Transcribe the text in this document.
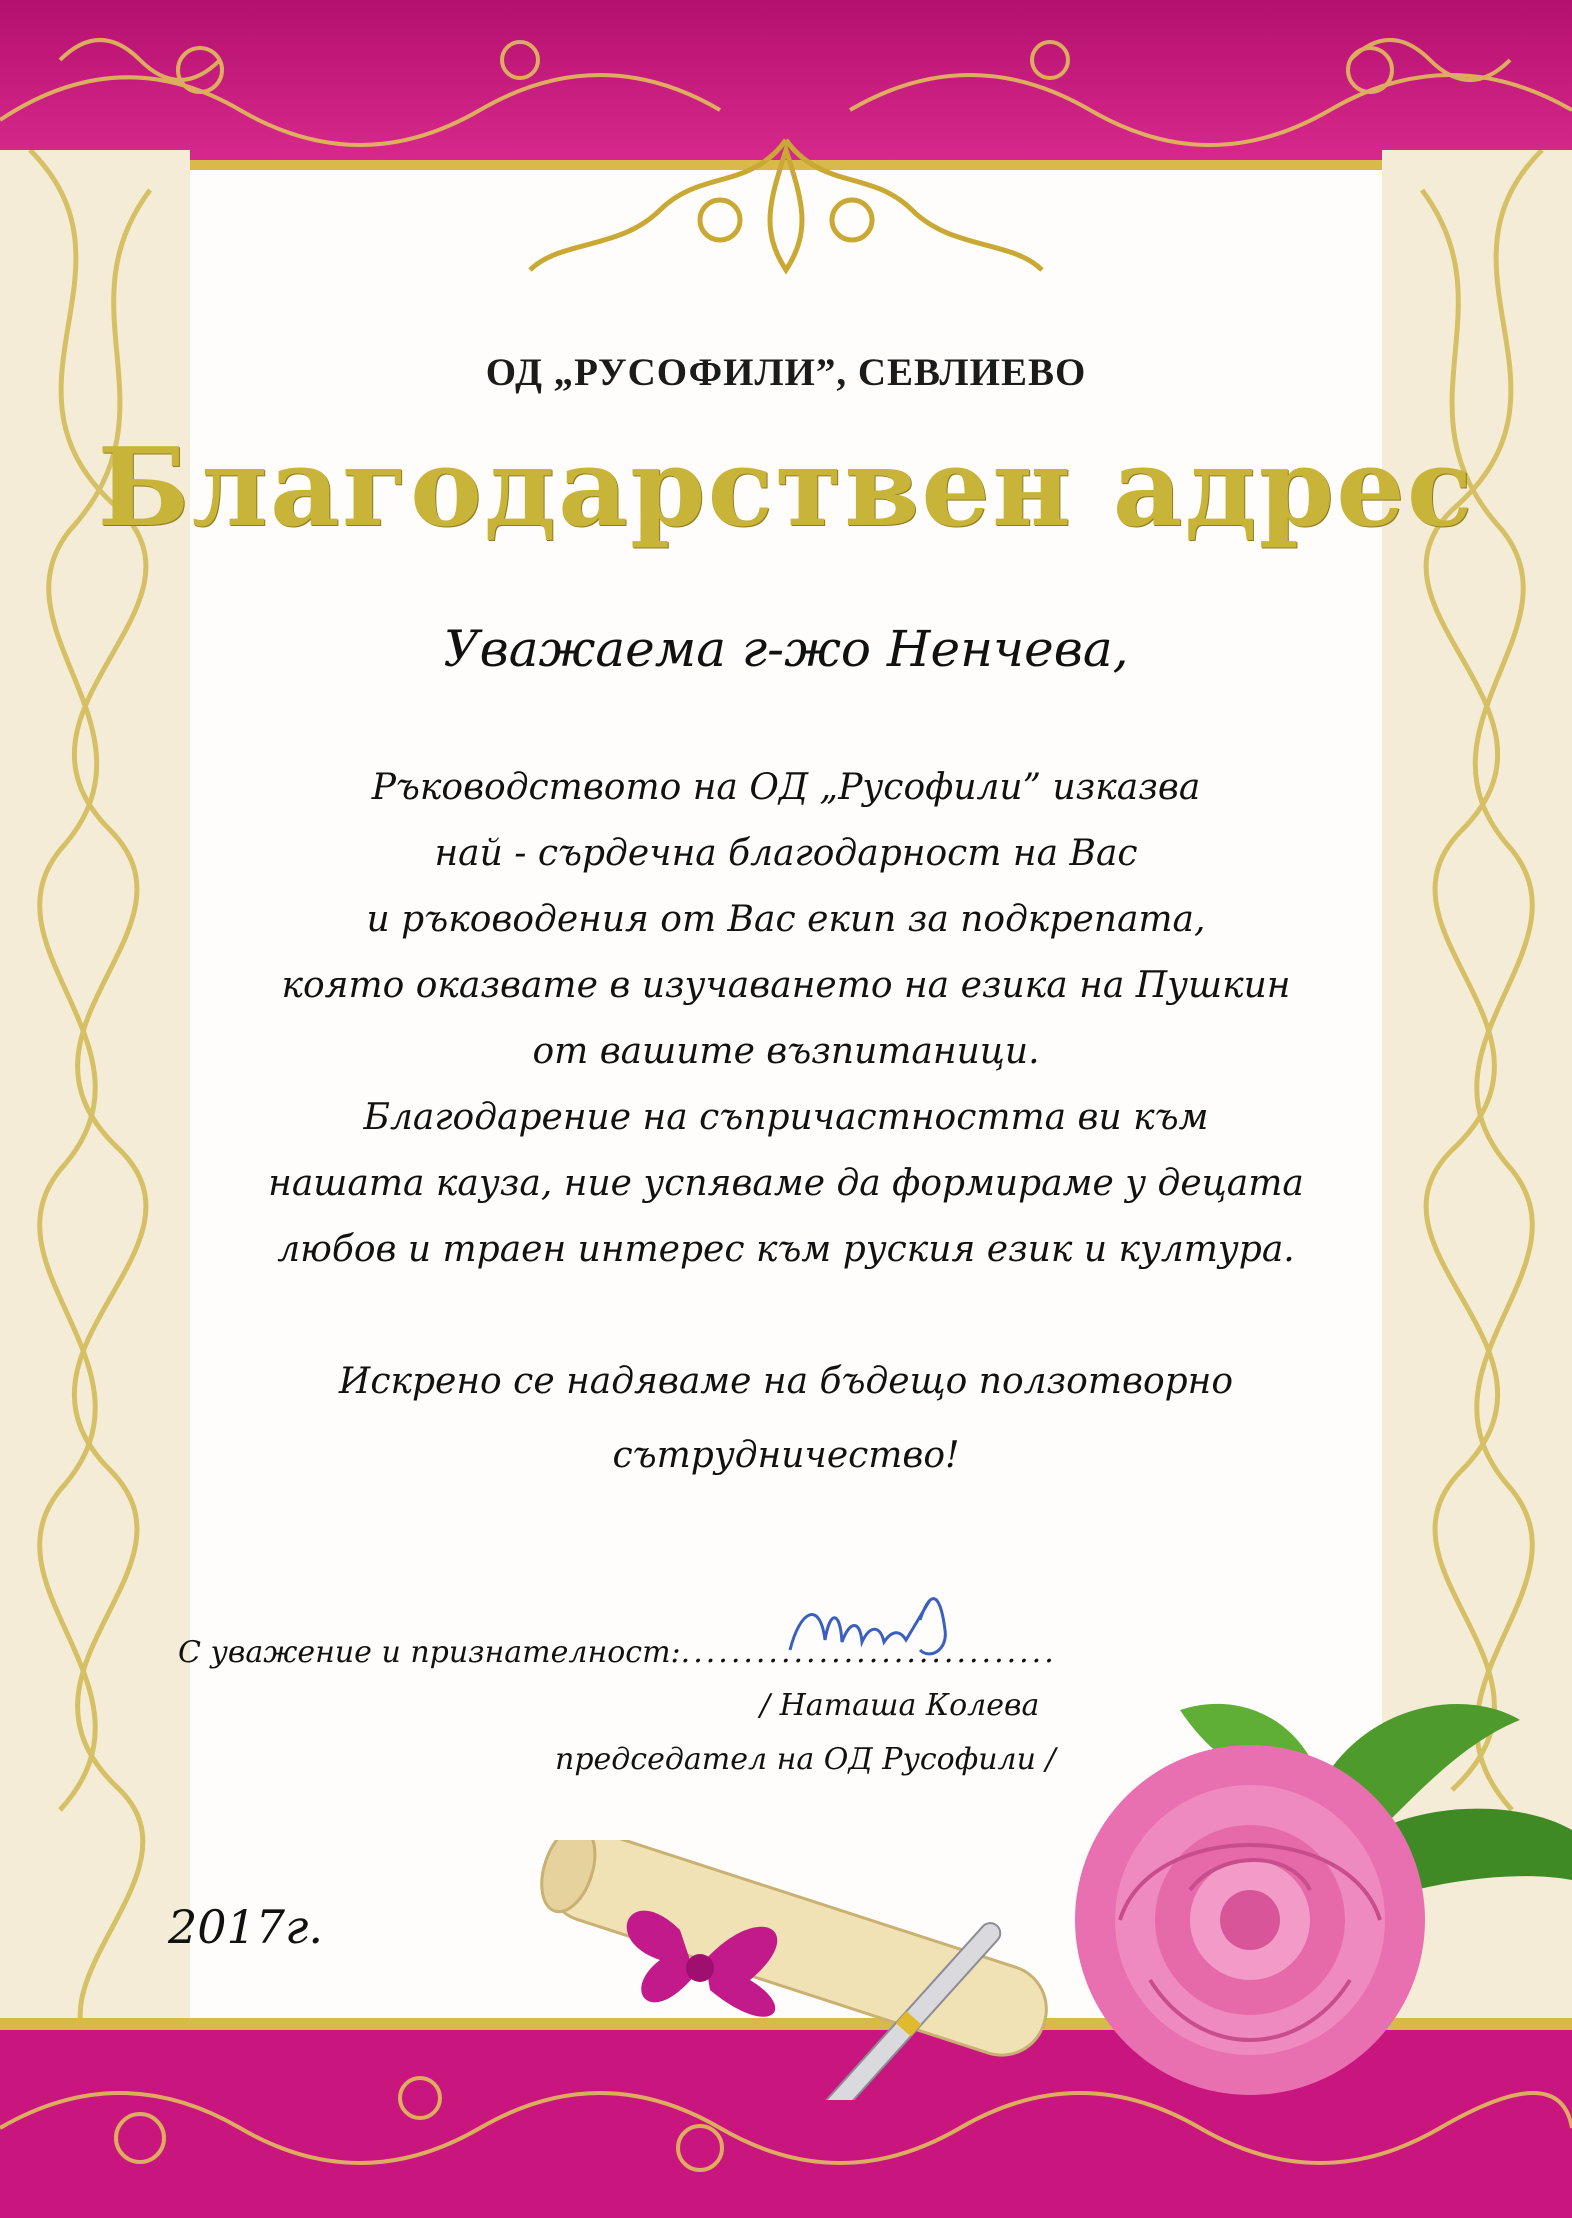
ОД „РУСОФИЛИ”, СЕВЛИЕВО
Благодарствен адрес
Уважаема г-жо Ненчева,
Ръководството на ОД „Русофили” изказва
най - сърдечна благодарност на Вас
и ръководения от Вас екип за подкрепата,
която оказвате в изучаването на езика на Пушкин
от вашите възпитаници.
Благодарение на съпричастността ви към
нашата кауза, ние успяваме да формираме у децата
любов и траен интерес към руския език и култура.
Искрено се надяваме на бъдещо ползотворно
сътрудничество!
С уважение и признателност:..............................
/ Наташа Колева
председател на ОД Русофили /
2017г.
